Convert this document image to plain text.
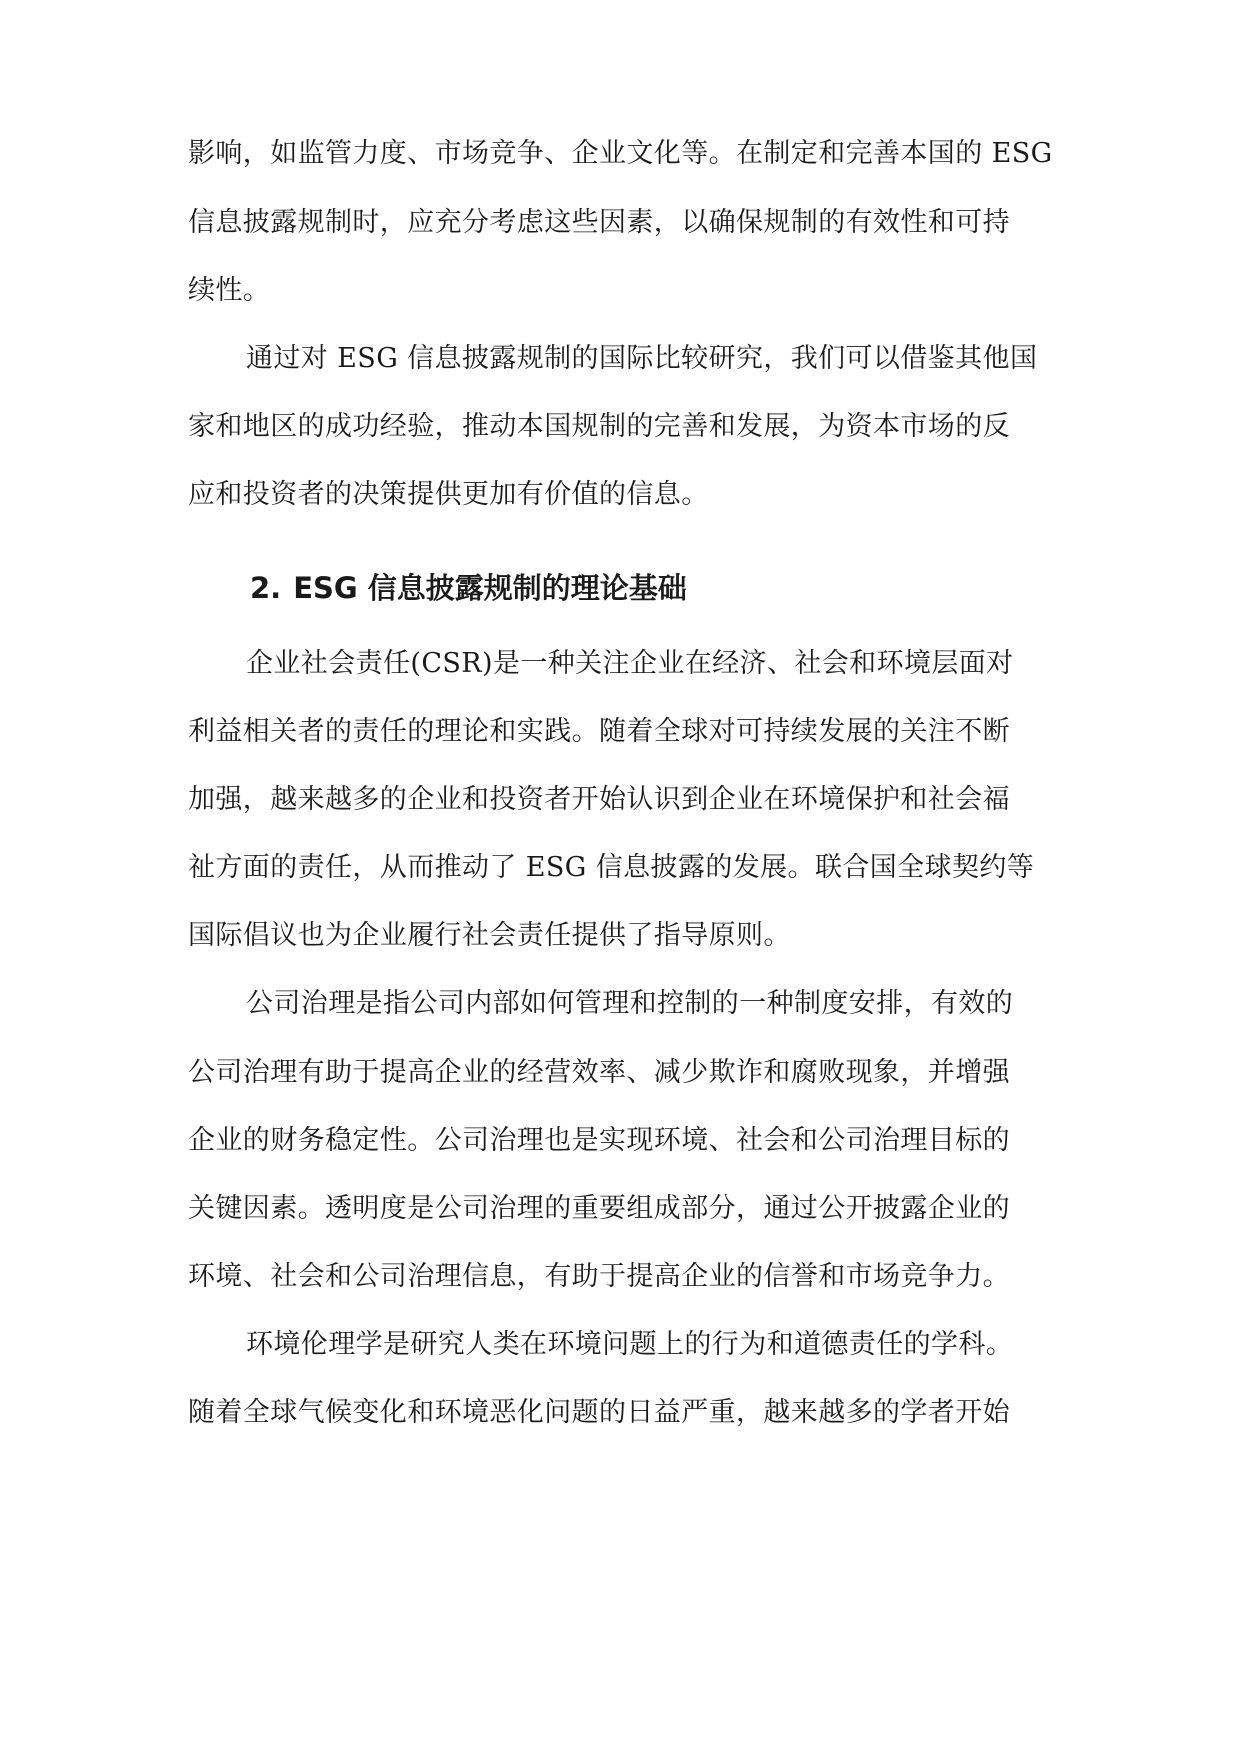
影响，如监管力度、市场竞争、企业文化等。在制定和完善本国的 ESG
信息披露规制时，应充分考虑这些因素，以确保规制的有效性和可持
续性。
通过对 ESG 信息披露规制的国际比较研究，我们可以借鉴其他国
家和地区的成功经验，推动本国规制的完善和发展，为资本市场的反
应和投资者的决策提供更加有价值的信息。
2. ESG 信息披露规制的理论基础
企业社会责任(CSR)是一种关注企业在经济、社会和环境层面对
利益相关者的责任的理论和实践。随着全球对可持续发展的关注不断
加强，越来越多的企业和投资者开始认识到企业在环境保护和社会福
祉方面的责任，从而推动了 ESG 信息披露的发展。联合国全球契约等
国际倡议也为企业履行社会责任提供了指导原则。
公司治理是指公司内部如何管理和控制的一种制度安排，有效的
公司治理有助于提高企业的经营效率、减少欺诈和腐败现象，并增强
企业的财务稳定性。公司治理也是实现环境、社会和公司治理目标的
关键因素。透明度是公司治理的重要组成部分，通过公开披露企业的
环境、社会和公司治理信息，有助于提高企业的信誉和市场竞争力。
环境伦理学是研究人类在环境问题上的行为和道德责任的学科。
随着全球气候变化和环境恶化问题的日益严重，越来越多的学者开始
